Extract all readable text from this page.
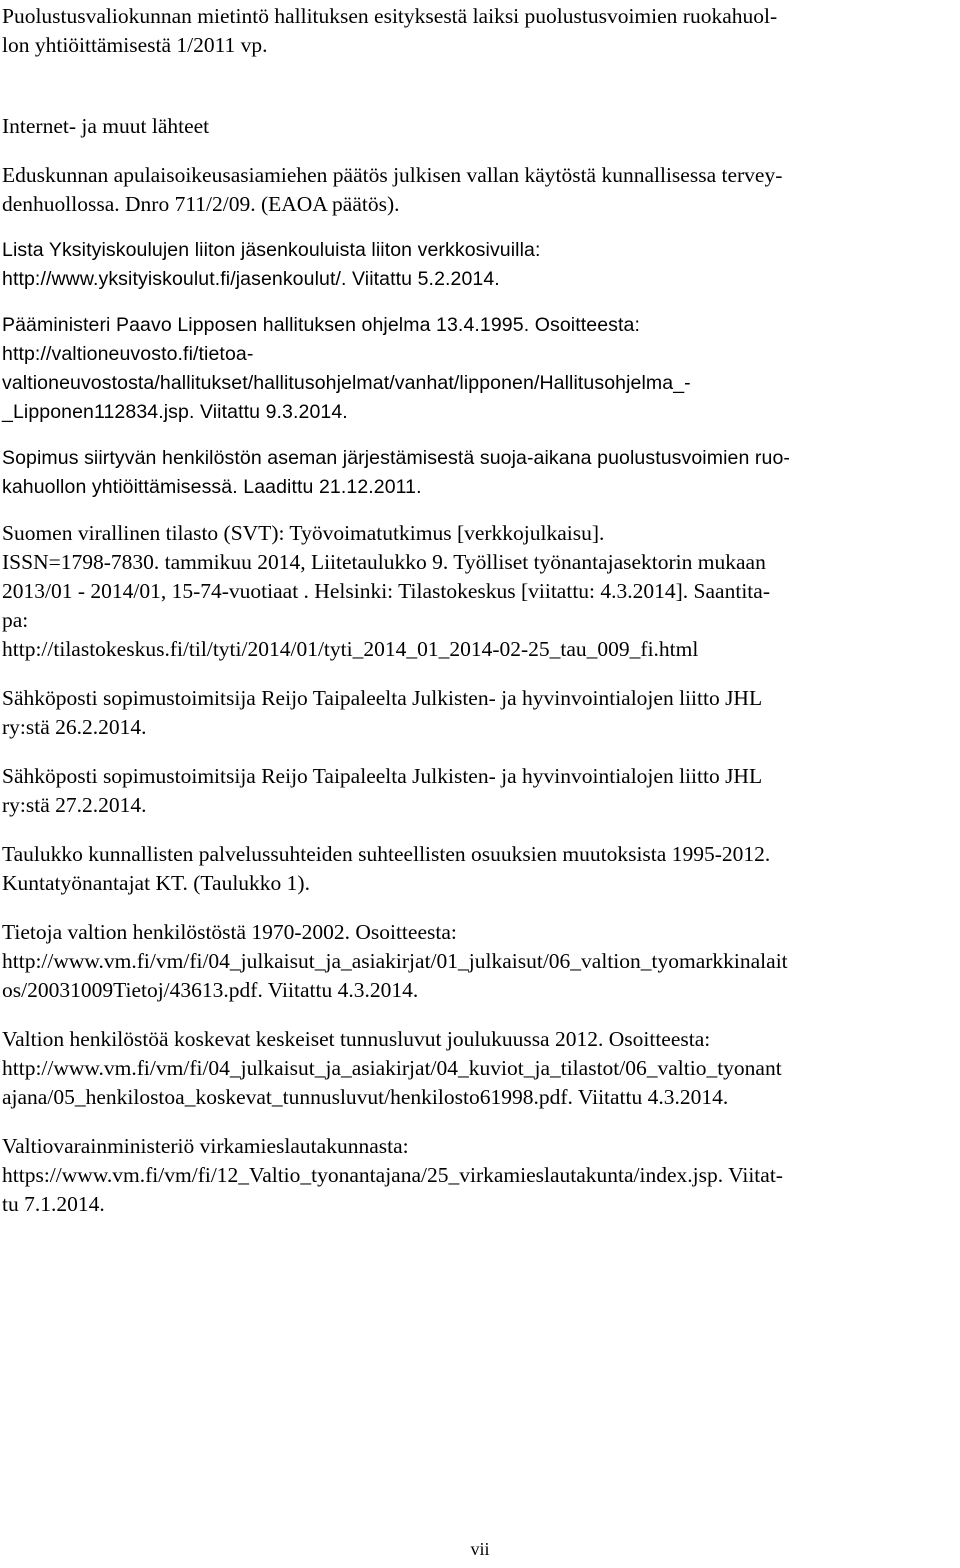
Puolustusvaliokunnan mietintö hallituksen esityksestä laiksi puolustusvoimien ruokahuol-
lon yhtiöittämisestä 1/2011 vp.
Internet- ja muut lähteet
Eduskunnan apulaisoikeusasiamiehen päätös julkisen vallan käytöstä kunnallisessa tervey-
denhuollossa. Dnro 711/2/09. (EAOA päätös).
Lista Yksityiskoulujen liiton jäsenkouluista liiton verkkosivuilla:
http://www.yksityiskoulut.fi/jasenkoulut/. Viitattu 5.2.2014.
Pääministeri Paavo Lipposen hallituksen ohjelma 13.4.1995. Osoitteesta:
http://valtioneuvosto.fi/tietoa-
valtioneuvostosta/hallitukset/hallitusohjelmat/vanhat/lipponen/Hallitusohjelma_-
_Lipponen112834.jsp. Viitattu 9.3.2014.
Sopimus siirtyvän henkilöstön aseman järjestämisestä suoja-aikana puolustusvoimien ruo-
kahuollon yhtiöittämisessä. Laadittu 21.12.2011.
Suomen virallinen tilasto (SVT): Työvoimatutkimus [verkkojulkaisu].
ISSN=1798-7830. tammikuu 2014, Liitetaulukko 9. Työlliset työnantajasektorin mukaan
2013/01 - 2014/01, 15-74-vuotiaat . Helsinki: Tilastokeskus [viitattu: 4.3.2014]. Saantita-
pa:
http://tilastokeskus.fi/til/tyti/2014/01/tyti_2014_01_2014-02-25_tau_009_fi.html
Sähköposti sopimustoimitsija Reijo Taipaleelta Julkisten- ja hyvinvointialojen liitto JHL
ry:stä 26.2.2014.
Sähköposti sopimustoimitsija Reijo Taipaleelta Julkisten- ja hyvinvointialojen liitto JHL
ry:stä 27.2.2014.
Taulukko kunnallisten palvelussuhteiden suhteellisten osuuksien muutoksista 1995-2012.
Kuntatyönantajat KT. (Taulukko 1).
Tietoja valtion henkilöstöstä 1970-2002. Osoitteesta:
http://www.vm.fi/vm/fi/04_julkaisut_ja_asiakirjat/01_julkaisut/06_valtion_tyomarkkinalait
os/20031009Tietoj/43613.pdf. Viitattu 4.3.2014.
Valtion henkilöstöä koskevat keskeiset tunnusluvut joulukuussa 2012. Osoitteesta:
http://www.vm.fi/vm/fi/04_julkaisut_ja_asiakirjat/04_kuviot_ja_tilastot/06_valtio_tyonant
ajana/05_henkilostoa_koskevat_tunnusluvut/henkilosto61998.pdf. Viitattu 4.3.2014.
Valtiovarainministeriö virkamieslautakunnasta:
https://www.vm.fi/vm/fi/12_Valtio_tyonantajana/25_virkamieslautakunta/index.jsp. Viitat-
tu 7.1.2014.
vii
